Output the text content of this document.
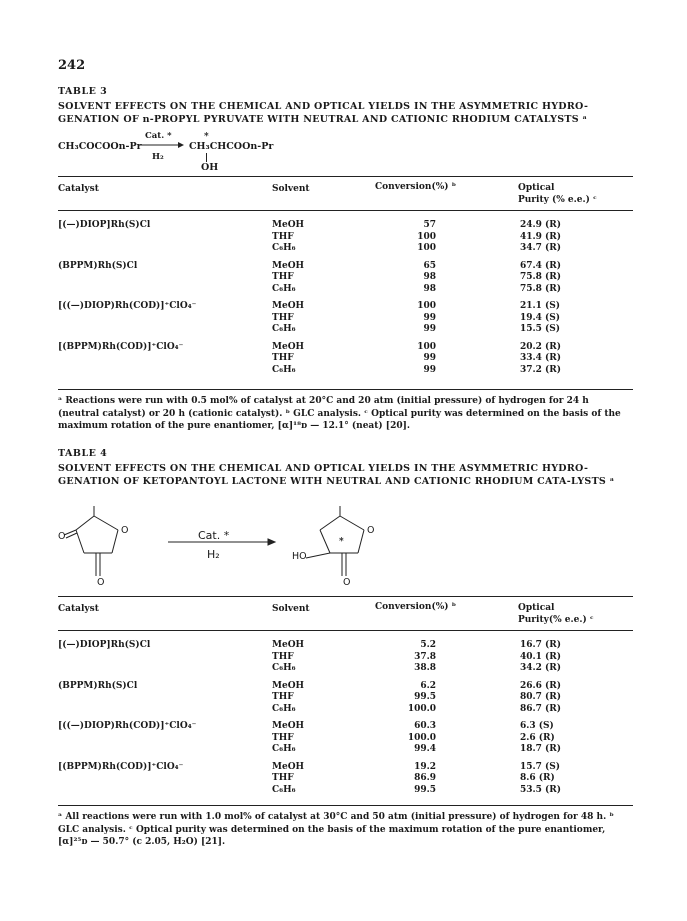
242
TABLE 3
SOLVENT EFFECTS ON THE CHEMICAL AND OPTICAL YIELDS IN THE ASYMMETRIC HYDRO-GENATION OF n-PROPYL PYRUVATE WITH NEUTRAL AND CATIONIC RHODIUM CATALYSTS ᵃ
CH₃COCOOn-Pr
Cat. *
H₂
CH₃CHCOOn-Pr
*
OH
Catalyst	Solvent	Conversion(%) ᵇ	Optical
Purity (% e.e.) ᶜ
[(—)DIOP]Rh(S)Cl	MeOH	57	24.9 (R)
THF	100	41.9 (R)
C₆H₆	100	34.7 (R)
(BPPM)Rh(S)Cl	MeOH	65	67.4 (R)
THF	98	75.8 (R)
C₆H₆	98	75.8 (R)
[((—)DIOP)Rh(COD)]⁺ClO₄⁻	MeOH	100	21.1 (S)
THF	99	19.4 (S)
C₆H₆	99	15.5 (S)
[(BPPM)Rh(COD)]⁺ClO₄⁻	MeOH	100	20.2 (R)
THF	99	33.4 (R)
C₆H₆	99	37.2 (R)
ᵃ Reactions were run with 0.5 mol% of catalyst at 20°C and 20 atm (initial pressure) of hydrogen for 24 h (neutral catalyst) or 20 h (cationic catalyst). ᵇ GLC analysis. ᶜ Optical purity was determined on the basis of the maximum rotation of the pure enantiomer, [α]¹⁸ᴅ — 12.1° (neat) [20].
TABLE 4
SOLVENT EFFECTS ON THE CHEMICAL AND OPTICAL YIELDS IN THE ASYMMETRIC HYDRO-GENATION OF KETOPANTOYL LACTONE WITH NEUTRAL AND CATIONIC RHODIUM CATA-LYSTS ᵃ
O
O
O
Cat. *
H₂	HO
O
O
*
Catalyst	Solvent	Conversion(%) ᵇ	Optical
Purity(% e.e.) ᶜ
[(—)DIOP]Rh(S)Cl	MeOH	5.2	16.7 (R)
THF	37.8	40.1 (R)
C₆H₆	38.8	34.2 (R)
(BPPM)Rh(S)Cl	MeOH	6.2	26.6 (R)
THF	99.5	80.7 (R)
C₆H₆	100.0	86.7 (R)
[((—)DIOP)Rh(COD)]⁺ClO₄⁻	MeOH	60.3	6.3 (S)
THF	100.0	2.6 (R)
C₆H₆	99.4	18.7 (R)
[(BPPM)Rh(COD)]⁺ClO₄⁻	MeOH	19.2	15.7 (S)
THF	86.9	8.6 (R)
C₆H₆	99.5	53.5 (R)
ᵃ All reactions were run with 1.0 mol% of catalyst at 30°C and 50 atm (initial pressure) of hydrogen for 48 h. ᵇ GLC analysis. ᶜ Optical purity was determined on the basis of the maximum rotation of the pure enantiomer, [α]²⁵ᴅ — 50.7° (c 2.05, H₂O) [21].
